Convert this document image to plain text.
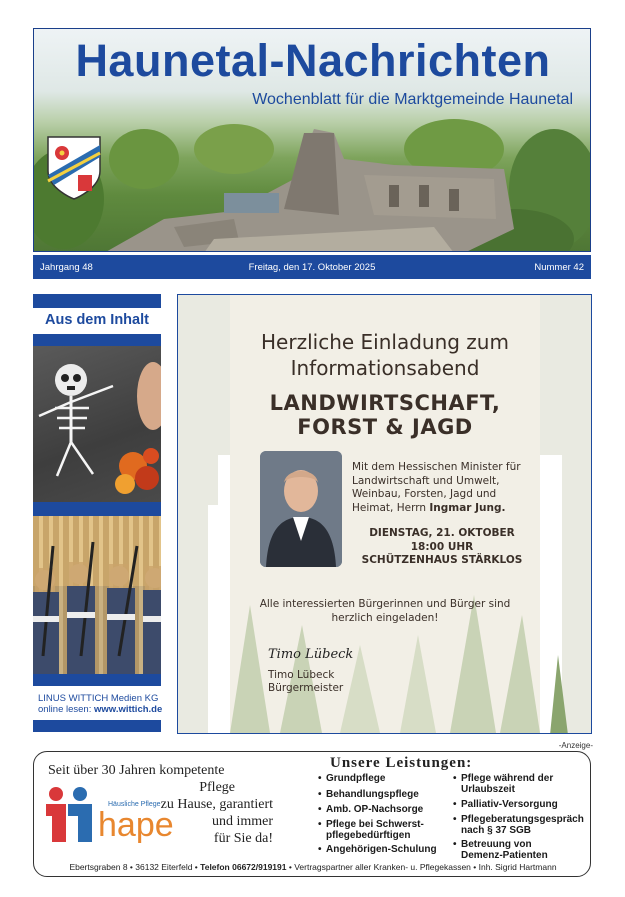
Haunetal-Nachrichten
Wochenblatt für die Marktgemeinde Haunetal
Jahrgang 48	Freitag, den 17. Oktober 2025	Nummer 42
Aus dem Inhalt
LINUS WITTICH Medien KG
online lesen: www.wittich.de
Herzliche Einladung zum
Informationsabend
LANDWIRTSCHAFT,
FORST & JAGD
Mit dem Hessischen Minister für
Landwirtschaft und Umwelt,
Weinbau, Forsten, Jagd und
Heimat, Herrn Ingmar Jung.
DIENSTAG, 21. OKTOBER
18:00 UHR
SCHÜTZENHAUS STÄRKLOS
Alle interessierten Bürgerinnen und Bürger sind
herzlich eingeladen!
Timo Lübeck
Timo Lübeck
Bürgermeister
-Anzeige-
Seit über 30 Jahren kompetente
Pflege
zu Hause, garantiert
und immer
für Sie da!
Häusliche Pflege
hape
Unsere Leistungen:
• Grundpflege
• Behandlungspflege
• Amb. OP-Nachsorge
• Pflege bei Schwerst-
pflegebedürftigen
• Angehörigen-Schulung
• Pflege während der
Urlaubszeit
• Palliativ-Versorgung
• Pflegeberatungsgespräch
nach § 37 SGB
• Betreuung von
Demenz-Patienten
Ebertsgraben 8 • 36132 Eiterfeld • Telefon 06672/919191 • Vertragspartner aller Kranken- u. Pflegekassen • Inh. Sigrid Hartmann
